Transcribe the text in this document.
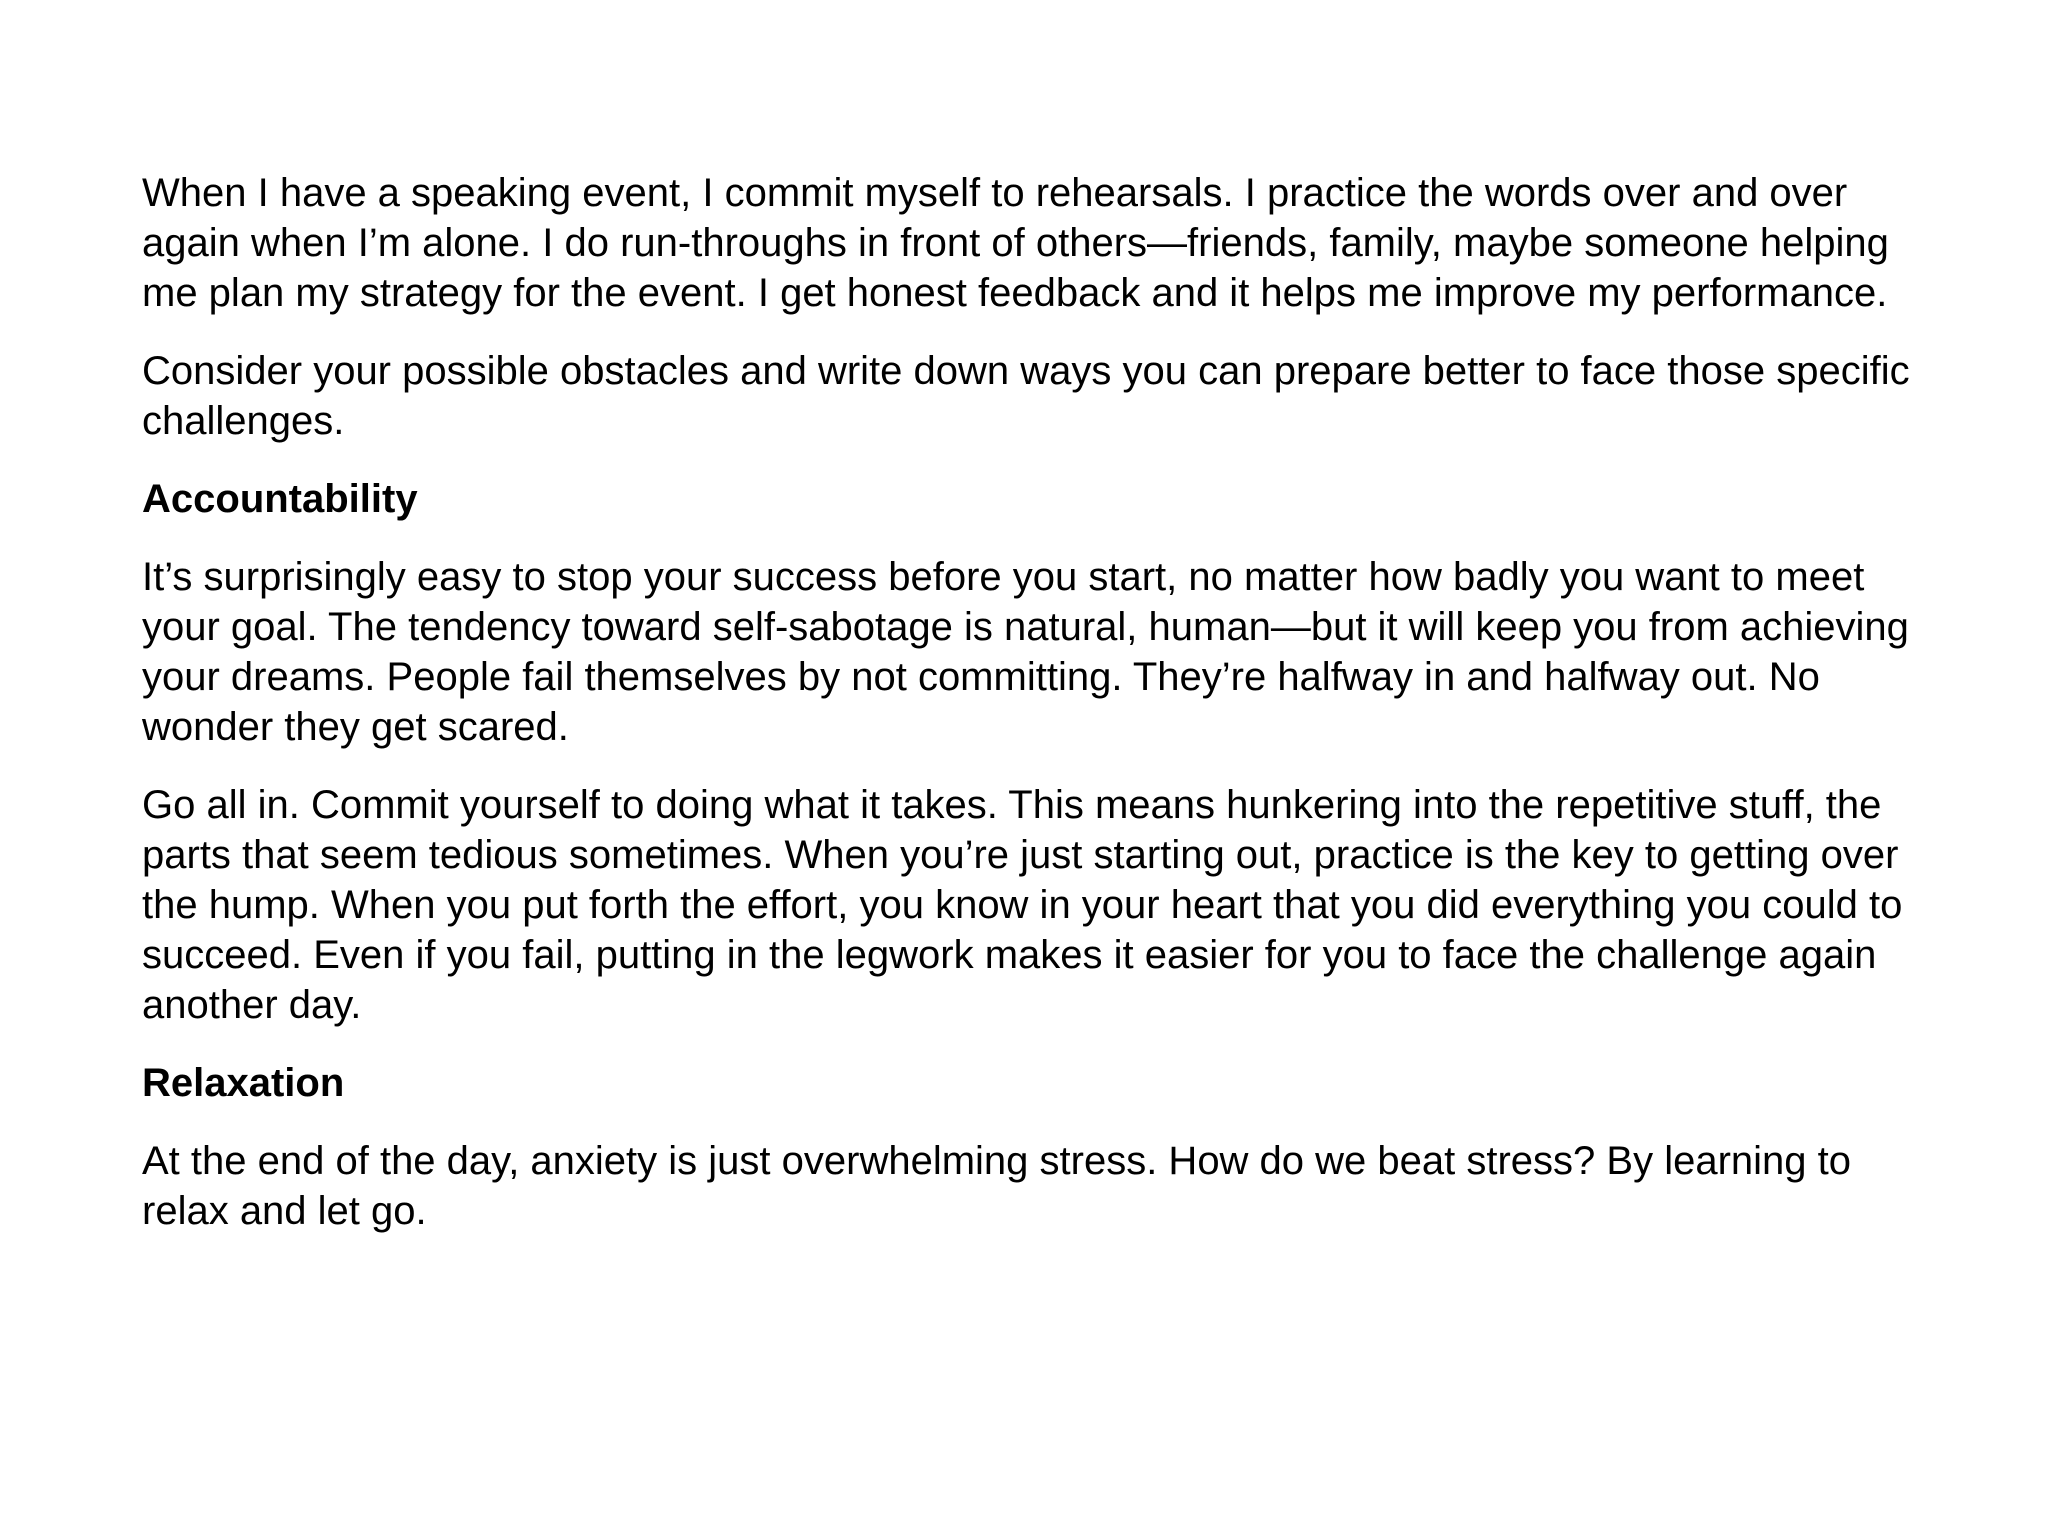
When I have a speaking event, I commit myself to rehearsals. I practice the words over and over again when I’m alone. I do run-throughs in front of others—friends, family, maybe someone helping me plan my strategy for the event. I get honest feedback and it helps me improve my performance.

Consider your possible obstacles and write down ways you can prepare better to face those specific challenges.

Accountability

It’s surprisingly easy to stop your success before you start, no matter how badly you want to meet your goal. The tendency toward self-sabotage is natural, human—but it will keep you from achieving your dreams. People fail themselves by not committing. They’re halfway in and halfway out. No wonder they get scared.

Go all in. Commit yourself to doing what it takes. This means hunkering into the repetitive stuff, the parts that seem tedious sometimes. When you’re just starting out, practice is the key to getting over the hump. When you put forth the effort, you know in your heart that you did everything you could to succeed. Even if you fail, putting in the legwork makes it easier for you to face the challenge again another day.

Relaxation

At the end of the day, anxiety is just overwhelming stress. How do we beat stress? By learning to relax and let go.
